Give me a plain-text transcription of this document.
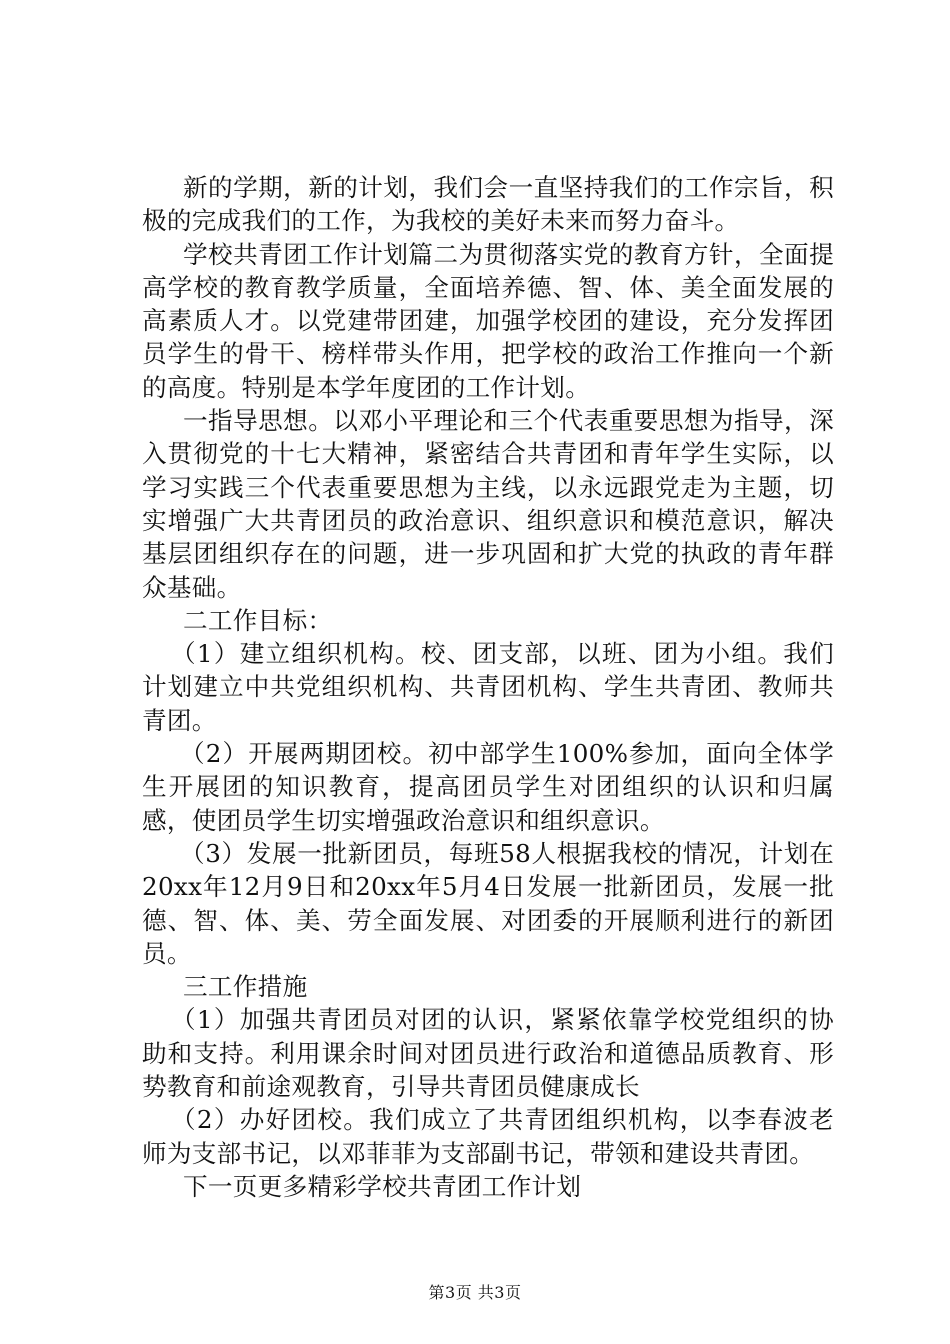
新的学期，新的计划，我们会一直坚持我们的工作宗旨，积极的完成我们的工作，为我校的美好未来而努力奋斗。

学校共青团工作计划篇二为贯彻落实党的教育方针，全面提高学校的教育教学质量，全面培养德、智、体、美全面发展的高素质人才。以党建带团建，加强学校团的建设，充分发挥团员学生的骨干、榜样带头作用，把学校的政治工作推向一个新的高度。特别是本学年度团的工作计划。

一指导思想。以邓小平理论和三个代表重要思想为指导，深入贯彻党的十七大精神，紧密结合共青团和青年学生实际，以学习实践三个代表重要思想为主线，以永远跟党走为主题，切实增强广大共青团员的政治意识、组织意识和模范意识，解决基层团组织存在的问题，进一步巩固和扩大党的执政的青年群众基础。

二工作目标：

（1）建立组织机构。校、团支部，以班、团为小组。我们计划建立中共党组织机构、共青团机构、学生共青团、教师共青团。

（2）开展两期团校。初中部学生100%参加，面向全体学生开展团的知识教育，提高团员学生对团组织的认识和归属感，使团员学生切实增强政治意识和组织意识。

（3）发展一批新团员，每班58人根据我校的情况，计划在20xx年12月9日和20xx年5月4日发展一批新团员，发展一批德、智、体、美、劳全面发展、对团委的开展顺利进行的新团员。

三工作措施

（1）加强共青团员对团的认识，紧紧依靠学校党组织的协助和支持。利用课余时间对团员进行政治和道德品质教育、形势教育和前途观教育，引导共青团员健康成长

（2）办好团校。我们成立了共青团组织机构，以李春波老师为支部书记，以邓菲菲为支部副书记，带领和建设共青团。

下一页更多精彩学校共青团工作计划

第3页 共3页
